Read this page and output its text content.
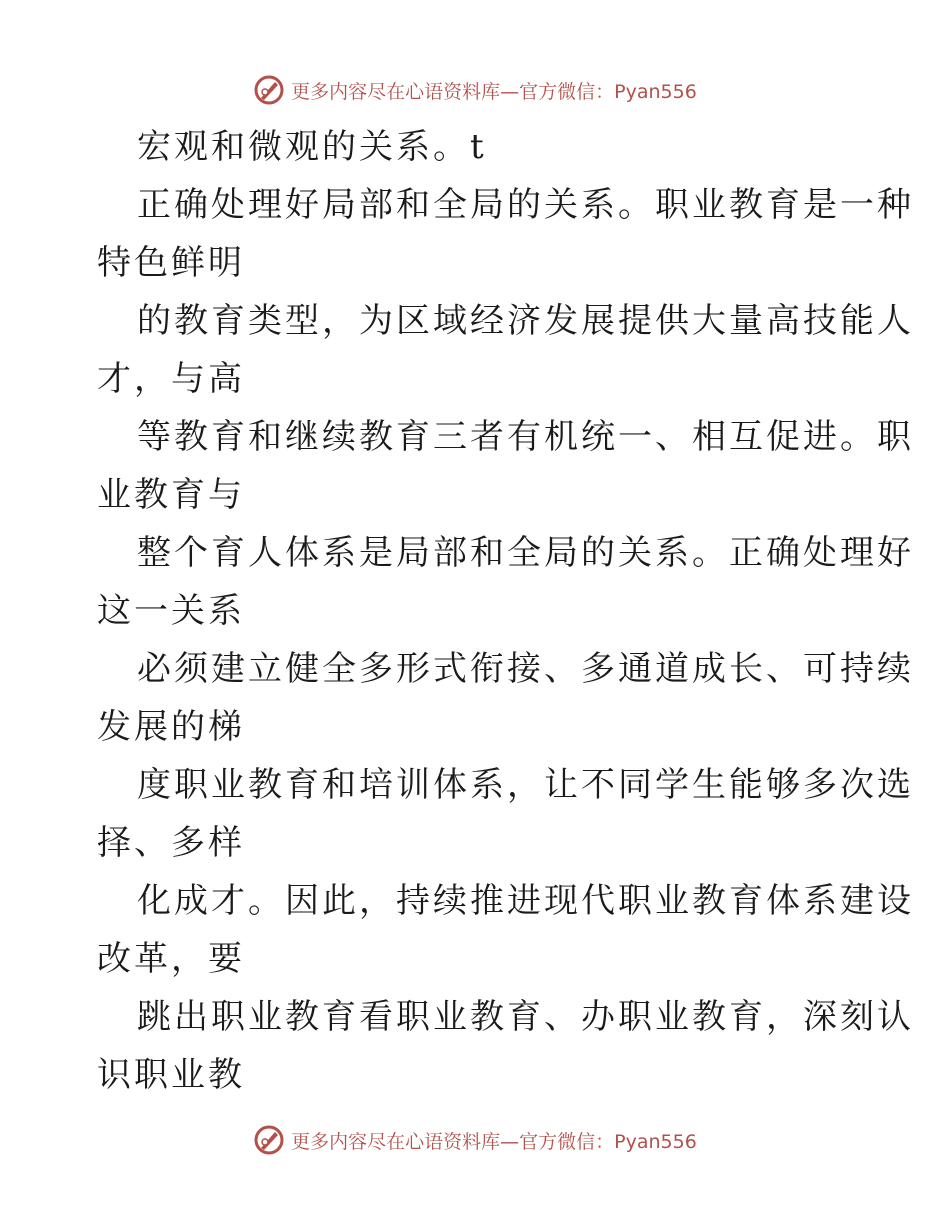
更多内容尽在心语资料库—官方微信：Pyan556
宏观和微观的关系。t
正确处理好局部和全局的关系。职业教育是一种
特色鲜明
的教育类型，为区域经济发展提供大量高技能人
才，与高
等教育和继续教育三者有机统一、相互促进。职
业教育与
整个育人体系是局部和全局的关系。正确处理好
这一关系
必须建立健全多形式衔接、多通道成长、可持续
发展的梯
度职业教育和培训体系，让不同学生能够多次选
择、多样
化成才。因此，持续推进现代职业教育体系建设
改革，要
跳出职业教育看职业教育、办职业教育，深刻认
识职业教
更多内容尽在心语资料库—官方微信：Pyan556
